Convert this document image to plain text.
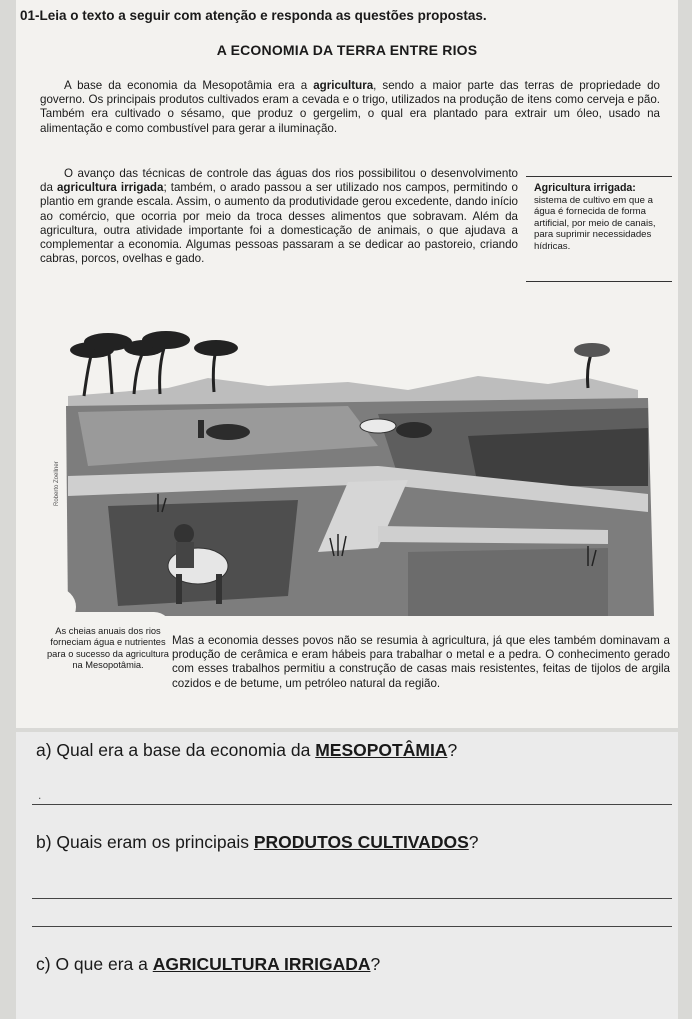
01-Leia o texto a seguir com atenção e responda as questões propostas.
A ECONOMIA DA TERRA ENTRE RIOS
A base da economia da Mesopotâmia era a agricultura, sendo a maior parte das terras de propriedade do governo. Os principais produtos cultivados eram a cevada e o trigo, utilizados na produção de itens como cerveja e pão. Também era cultivado o sésamo, que produz o gergelim, o qual era plantado para extrair um óleo, usado na alimentação e como combustível para gerar a iluminação.
O avanço das técnicas de controle das águas dos rios possibilitou o desenvolvimento da agricultura irrigada; também, o arado passou a ser utilizado nos campos, permitindo o plantio em grande escala. Assim, o aumento da produtividade gerou excedente, dando início ao comércio, que ocorria por meio da troca desses alimentos que sobravam. Além da agricultura, outra atividade importante foi a domesticação de animais, o que ajudava a complementar a economia. Algumas pessoas passaram a se dedicar ao pastoreio, criando cabras, porcos, ovelhas e gado.
Agricultura irrigada:
sistema de cultivo em que a água é fornecida de forma artificial, por meio de canais, para suprimir necessidades hídricas.
Roberto Zoellner
As cheias anuais dos rios forneciam água e nutrientes para o sucesso da agricultura na Mesopotâmia.
Mas a economia desses povos não se resumia à agricultura, já que eles também dominavam a produção de cerâmica e eram hábeis para trabalhar o metal e a pedra. O conhecimento gerado com esses trabalhos permitiu a construção de casas mais resistentes, feitas de tijolos de argila cozidos e de betume, um petróleo natural da região.
a) Qual era a base da economia da MESOPOTÂMIA?
.
b) Quais eram os principais PRODUTOS CULTIVADOS?
c) O que era a AGRICULTURA IRRIGADA?
